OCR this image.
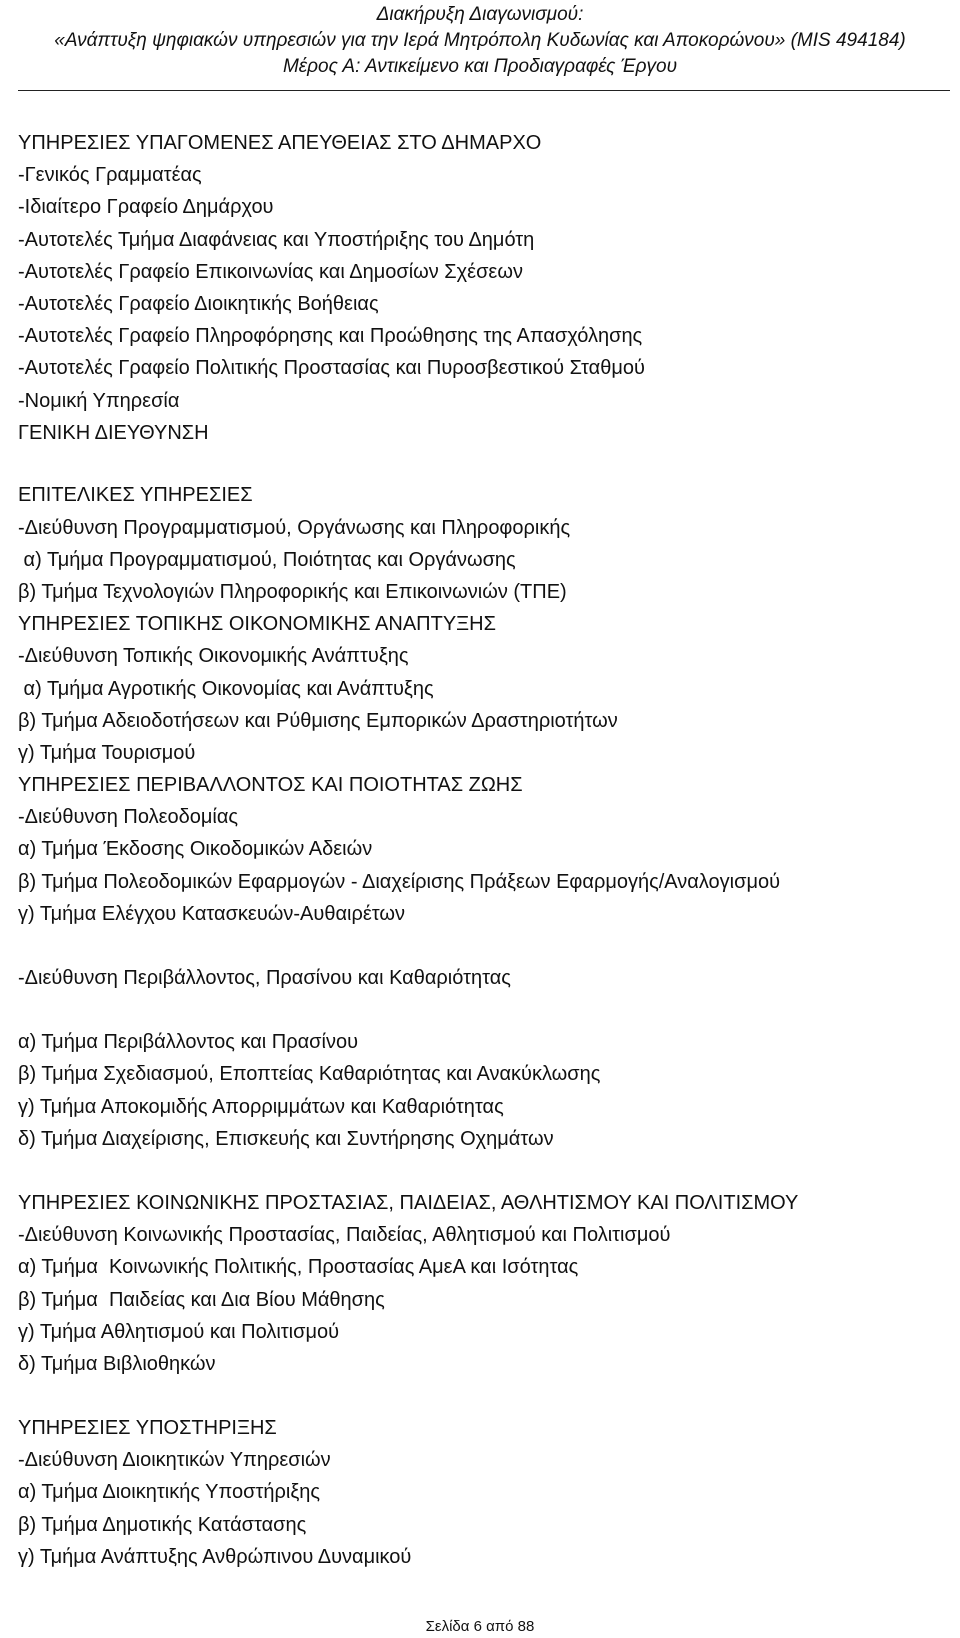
Διακήρυξη Διαγωνισμού:
«Ανάπτυξη ψηφιακών υπηρεσιών για την Ιερά Μητρόπολη Κυδωνίας και Αποκορώνου» (MIS 494184)
Μέρος Α: Αντικείμενο και Προδιαγραφές Έργου
ΥΠΗΡΕΣΙΕΣ ΥΠΑΓΟΜΕΝΕΣ ΑΠΕΥΘΕΙΑΣ ΣΤΟ ΔΗΜΑΡΧΟ
-Γενικός Γραμματέας
-Ιδιαίτερο Γραφείο Δημάρχου
-Αυτοτελές Τμήμα Διαφάνειας και Υποστήριξης του Δημότη
-Αυτοτελές Γραφείο Επικοινωνίας και Δημοσίων Σχέσεων
-Αυτοτελές Γραφείο Διοικητικής Βοήθειας
-Αυτοτελές Γραφείο Πληροφόρησης και Προώθησης της Απασχόλησης
-Αυτοτελές Γραφείο Πολιτικής Προστασίας και Πυροσβεστικού Σταθμού
-Νομική Υπηρεσία
ΓΕΝΙΚΗ ΔΙΕΥΘΥΝΣΗ
ΕΠΙΤΕΛΙΚΕΣ ΥΠΗΡΕΣΙΕΣ
-Διεύθυνση Προγραμματισμού, Οργάνωσης και Πληροφορικής
α) Τμήμα Προγραμματισμού, Ποιότητας και Οργάνωσης
β) Τμήμα Τεχνολογιών Πληροφορικής και Επικοινωνιών (ΤΠΕ)
ΥΠΗΡΕΣΙΕΣ ΤΟΠΙΚΗΣ ΟΙΚΟΝΟΜΙΚΗΣ ΑΝΑΠΤΥΞΗΣ
-Διεύθυνση Τοπικής Οικονομικής Ανάπτυξης
α) Τμήμα Αγροτικής Οικονομίας και Ανάπτυξης
β) Τμήμα Αδειοδοτήσεων και Ρύθμισης Εμπορικών Δραστηριοτήτων
γ) Τμήμα Τουρισμού
ΥΠΗΡΕΣΙΕΣ ΠΕΡΙΒΑΛΛΟΝΤΟΣ ΚΑΙ ΠΟΙΟΤΗΤΑΣ ΖΩΗΣ
-Διεύθυνση Πολεοδομίας
α) Τμήμα Έκδοσης Οικοδομικών Αδειών
β) Τμήμα Πολεοδομικών Εφαρμογών - Διαχείρισης Πράξεων Εφαρμογής/Αναλογισμού
γ) Τμήμα Ελέγχου Κατασκευών-Αυθαιρέτων
-Διεύθυνση Περιβάλλοντος, Πρασίνου και Καθαριότητας
α) Τμήμα Περιβάλλοντος και Πρασίνου
β) Τμήμα Σχεδιασμού, Εποπτείας Καθαριότητας και Ανακύκλωσης
γ) Τμήμα Αποκομιδής Απορριμμάτων και Καθαριότητας
δ) Τμήμα Διαχείρισης, Επισκευής και Συντήρησης Οχημάτων
ΥΠΗΡΕΣΙΕΣ ΚΟΙΝΩΝΙΚΗΣ ΠΡΟΣΤΑΣΙΑΣ, ΠΑΙΔΕΙΑΣ, ΑΘΛΗΤΙΣΜΟΥ ΚΑΙ ΠΟΛΙΤΙΣΜΟΥ
-Διεύθυνση Κοινωνικής Προστασίας, Παιδείας, Αθλητισμού και Πολιτισμού
α) Τμήμα  Κοινωνικής Πολιτικής, Προστασίας ΑμεΑ και Ισότητας
β) Τμήμα  Παιδείας και Δια Βίου Μάθησης
γ) Τμήμα Αθλητισμού και Πολιτισμού
δ) Τμήμα Βιβλιοθηκών
ΥΠΗΡΕΣΙΕΣ ΥΠΟΣΤΗΡΙΞΗΣ
-Διεύθυνση Διοικητικών Υπηρεσιών
α) Τμήμα Διοικητικής Υποστήριξης
β) Τμήμα Δημοτικής Κατάστασης
γ) Τμήμα Ανάπτυξης Ανθρώπινου Δυναμικού
Σελίδα 6 από 88
